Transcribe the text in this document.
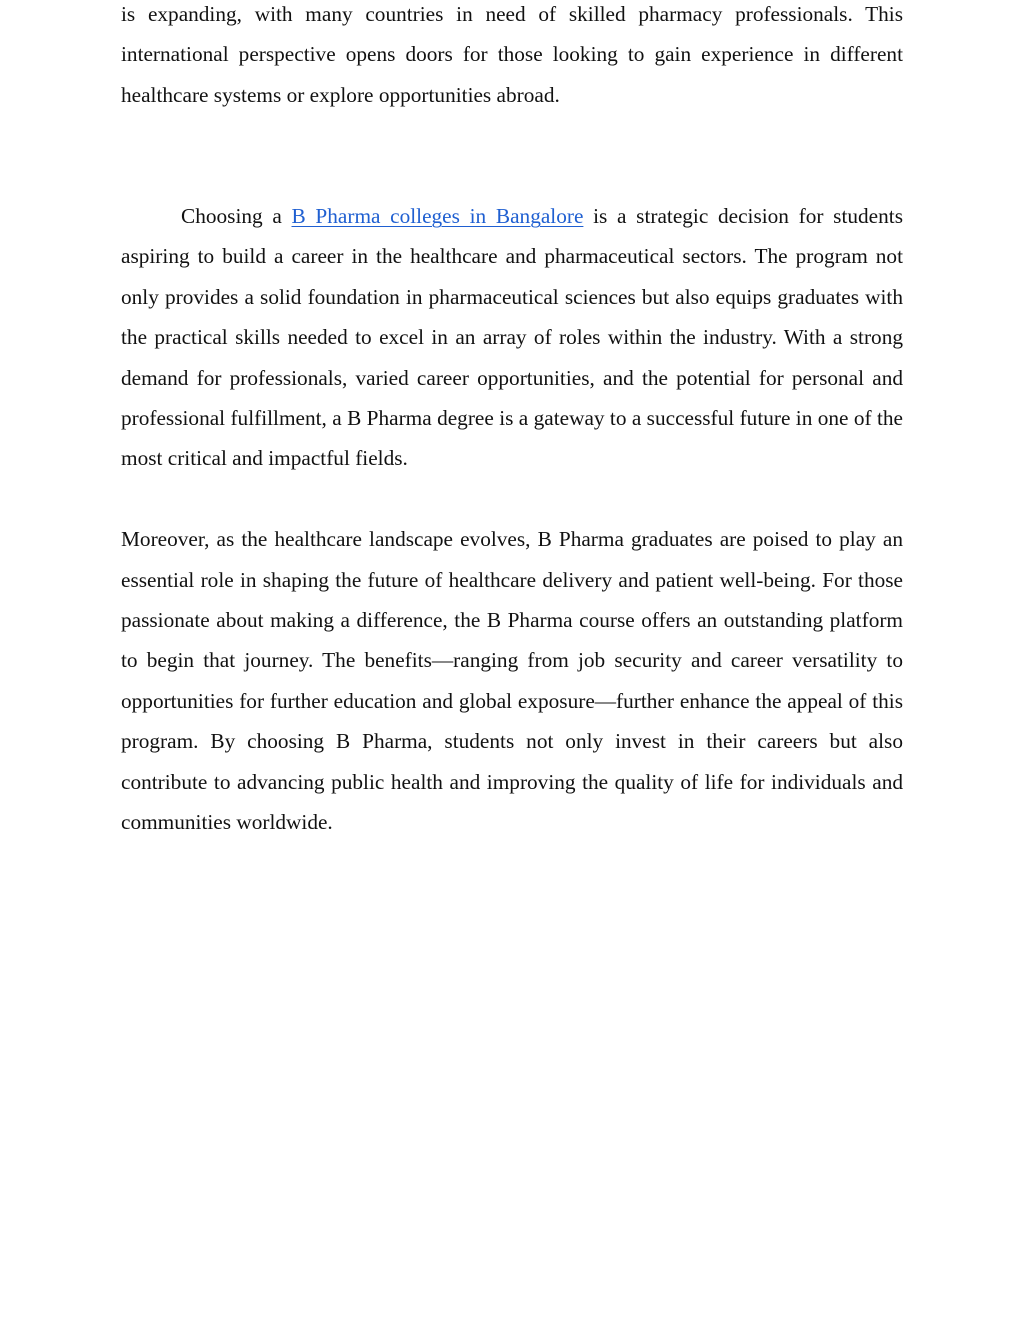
is expanding, with many countries in need of skilled pharmacy professionals. This international perspective opens doors for those looking to gain experience in different healthcare systems or explore opportunities abroad.

Choosing a B Pharma colleges in Bangalore is a strategic decision for students aspiring to build a career in the healthcare and pharmaceutical sectors. The program not only provides a solid foundation in pharmaceutical sciences but also equips graduates with the practical skills needed to excel in an array of roles within the industry. With a strong demand for professionals, varied career opportunities, and the potential for personal and professional fulfillment, a B Pharma degree is a gateway to a successful future in one of the most critical and impactful fields.

Moreover, as the healthcare landscape evolves, B Pharma graduates are poised to play an essential role in shaping the future of healthcare delivery and patient well-being. For those passionate about making a difference, the B Pharma course offers an outstanding platform to begin that journey. The benefits—ranging from job security and career versatility to opportunities for further education and global exposure—further enhance the appeal of this program. By choosing B Pharma, students not only invest in their careers but also contribute to advancing public health and improving the quality of life for individuals and communities worldwide.
